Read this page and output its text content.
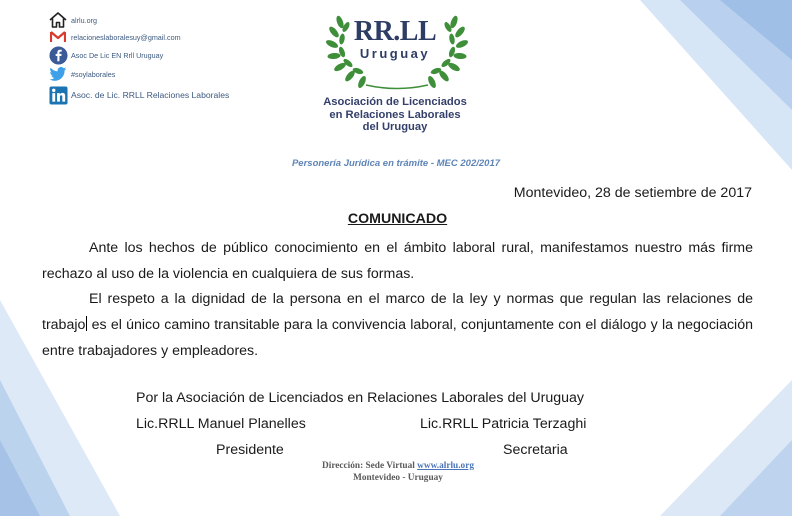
alrlu.org
relacioneslaboralesuy@gmail.com
Asoc De Lic EN Rrll Uruguay
#soylaborales
Asoc. de Lic. RRLL Relaciones Laborales
RR.LL
Uruguay
Asociación de Licenciados
en Relaciones Laborales
del Uruguay
Personería Jurídica en trámite - MEC 202/2017
Montevideo, 28 de setiembre de 2017
COMUNICADO

Ante los hechos de público conocimiento en el ámbito laboral rural, manifestamos nuestro más firme rechazo al uso de la violencia en cualquiera de sus formas.

El respeto a la dignidad de la persona en el marco de la ley y normas que regulan las relaciones de trabajo es el único camino transitable para la convivencia laboral, conjuntamente con el diálogo y la negociación entre trabajadores y empleadores.

Por la Asociación de Licenciados en Relaciones Laborales del Uruguay
Lic.RRLL Manuel Planelles	Lic.RRLL Patricia Terzaghi
Presidente	Secretaria
Dirección: Sede Virtual www.alrlu.org
Montevideo - Uruguay
